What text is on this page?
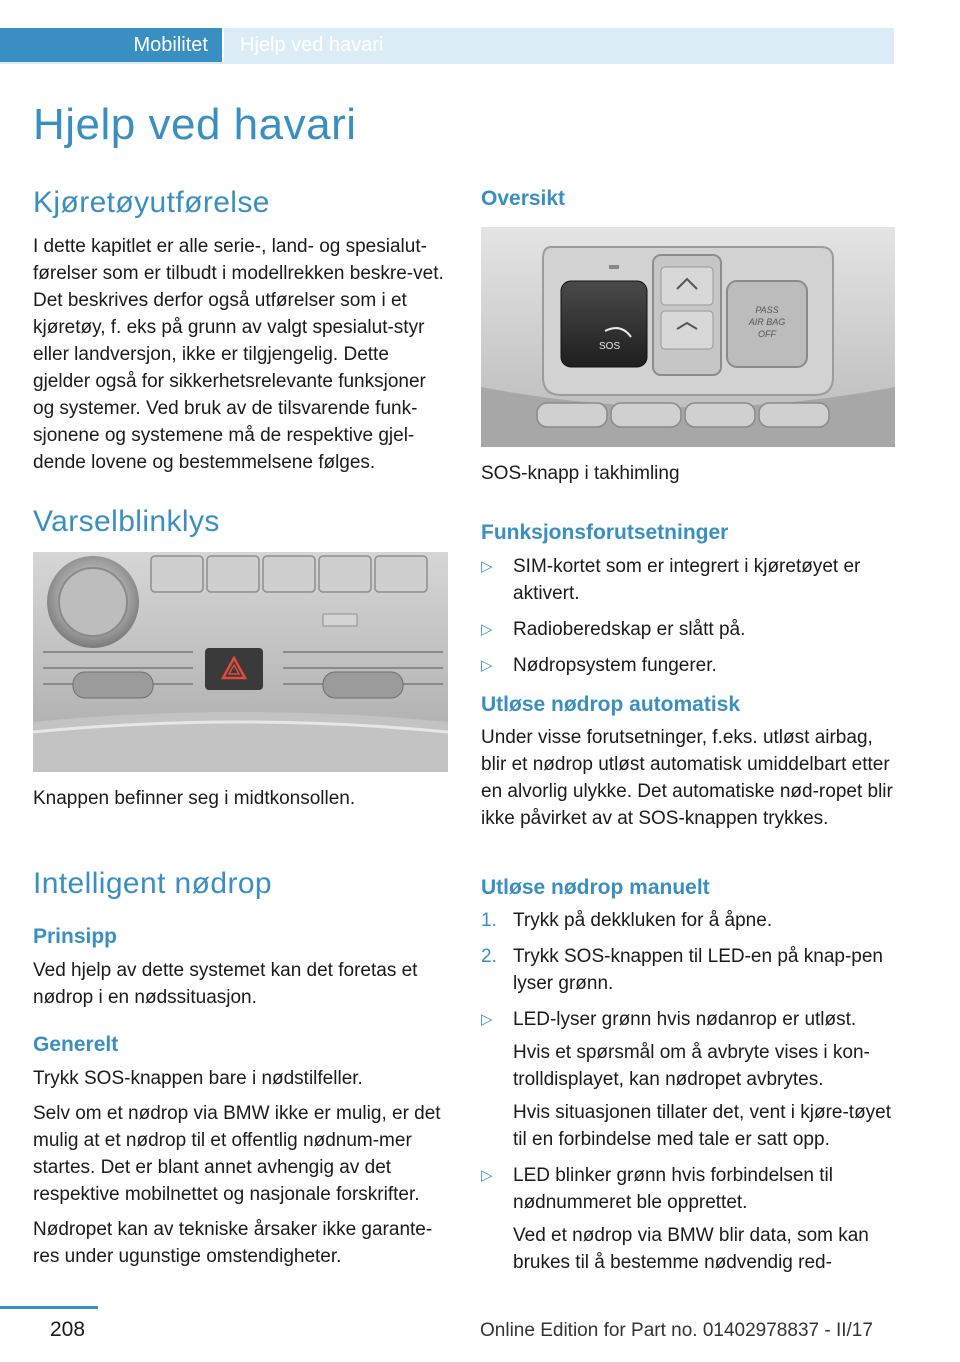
Mobilitet	Hjelp ved havari
Hjelp ved havari
Kjøretøyutførelse

I dette kapitlet er alle serie-, land- og spesialut-førelser som er tilbudt i modellrekken beskre-vet. Det beskrives derfor også utførelser som i et kjøretøy, f. eks på grunn av valgt spesialut-styr eller landversjon, ikke er tilgjengelig. Dette gjelder også for sikkerhetsrelevante funksjoner og systemer. Ved bruk av de tilsvarende funk-sjonene og systemene må de respektive gjel-dende lovene og bestemmelsene følges.

Varselblinklys
Knappen befinner seg i midtkonsollen.
Intelligent nødrop
Prinsipp

Ved hjelp av dette systemet kan det foretas et nødrop i en nødssituasjon.

Generelt

Trykk SOS-knappen bare i nødstilfeller.

Selv om et nødrop via BMW ikke er mulig, er det mulig at et nødrop til et offentlig nødnum-mer startes. Det er blant annet avhengig av det respektive mobilnettet og nasjonale forskrifter.

Nødropet kan av tekniske årsaker ikke garante-res under ugunstige omstendigheter.

Oversikt
SOS
PASS
AIR BAG
OFF
SOS-knapp i takhimling
Funksjonsforutsetninger
▷ SIM-kortet som er integrert i kjøretøyet er aktivert.
▷ Radioberedskap er slått på.
▷ Nødropsystem fungerer.
Utløse nødrop automatisk

Under visse forutsetninger, f.eks. utløst airbag, blir et nødrop utløst automatisk umiddelbart etter en alvorlig ulykke. Det automatiske nød-ropet blir ikke påvirket av at SOS-knappen trykkes.

Utløse nødrop manuelt
1. Trykk på dekkluken for å åpne.
2. Trykk SOS-knappen til LED-en på knap-pen lyser grønn.
▷ LED-lyser grønn hvis nødanrop er utløst.
Hvis et spørsmål om å avbryte vises i kon-trolldisplayet, kan nødropet avbrytes.
Hvis situasjonen tillater det, vent i kjøre-tøyet til en forbindelse med tale er satt opp.
▷ LED blinker grønn hvis forbindelsen til nødnummeret ble opprettet.
Ved et nødrop via BMW blir data, som kan brukes til å bestemme nødvendig red-
208	Online Edition for Part no. 01402978837 - II/17
